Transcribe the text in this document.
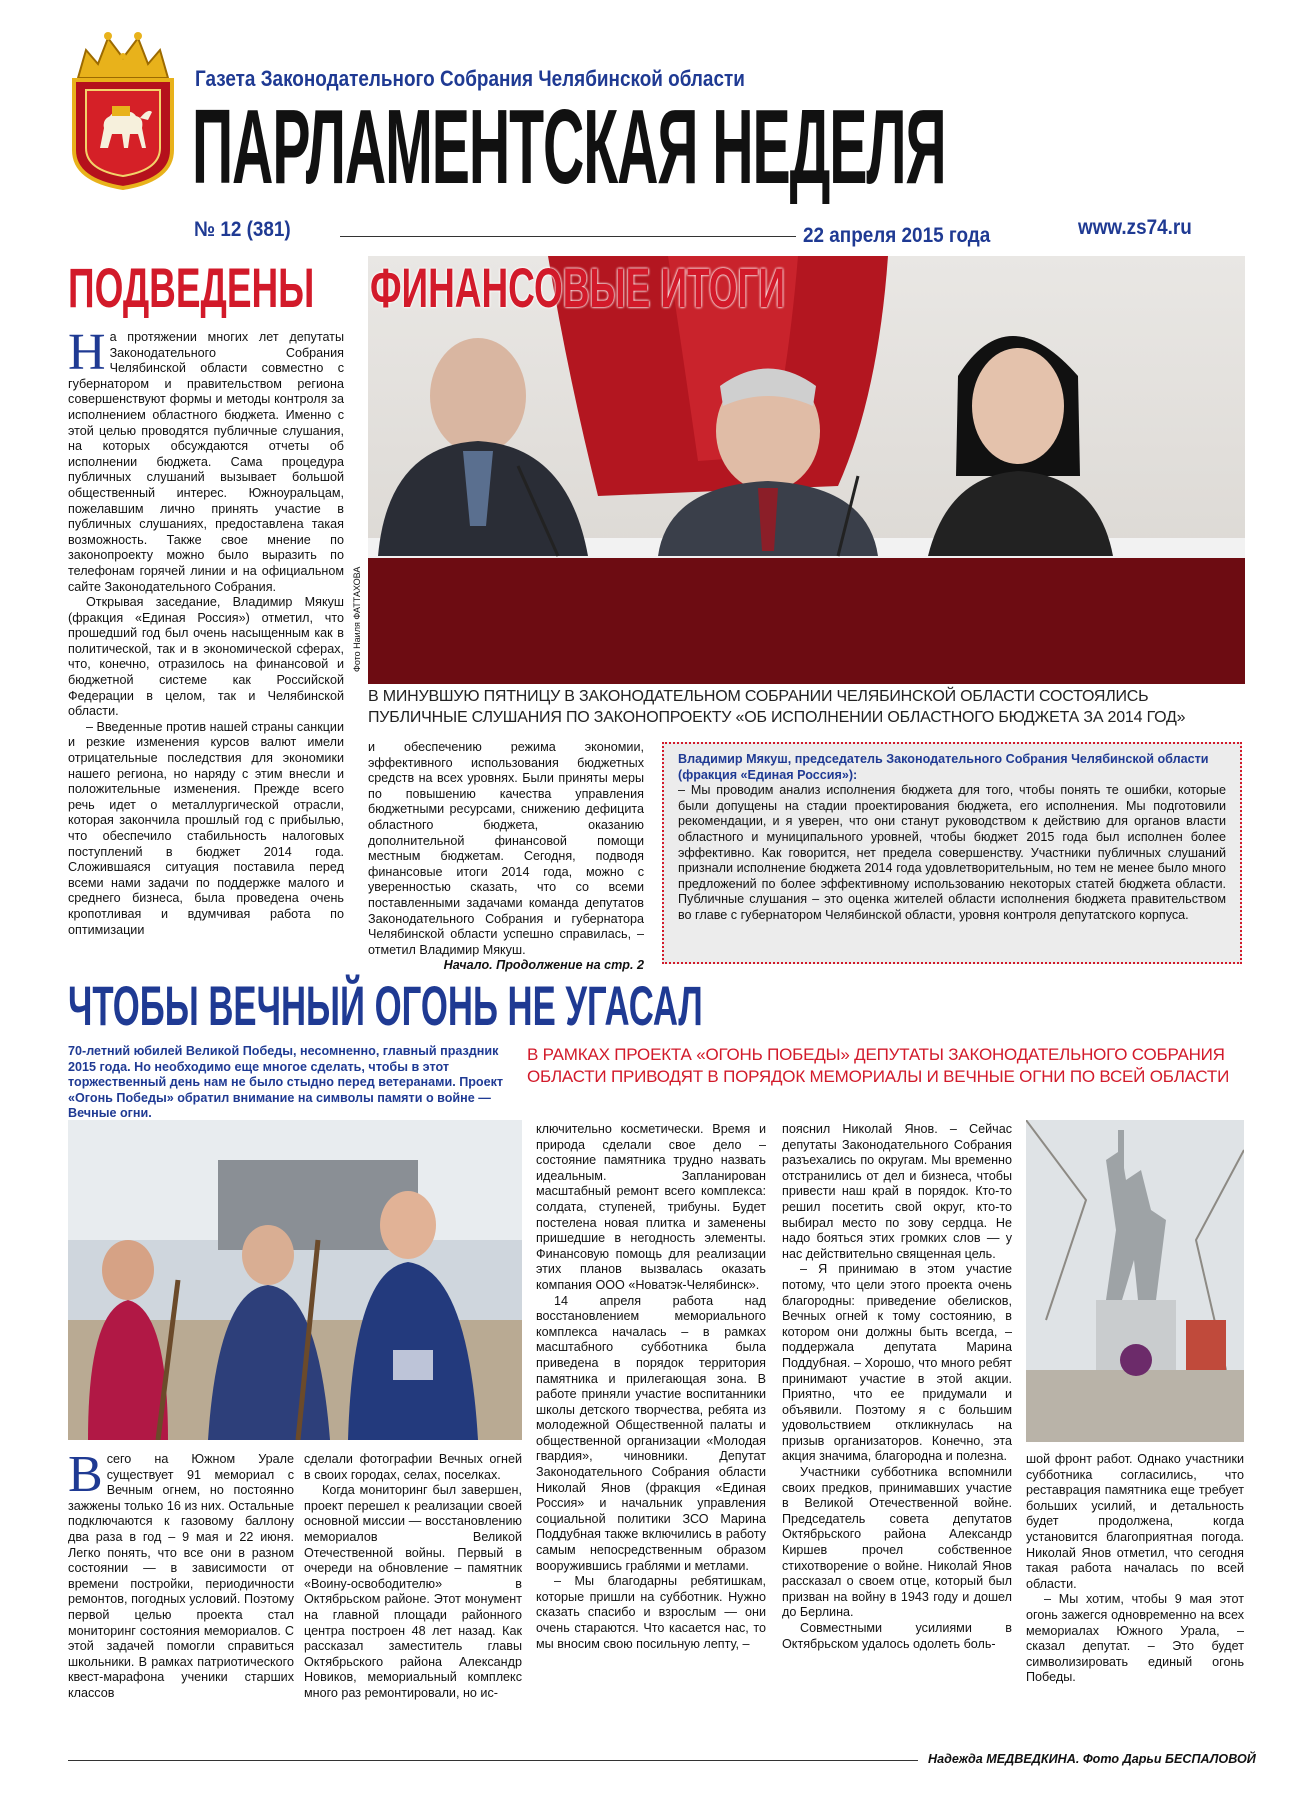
Газета Законодательного Собрания Челябинской области
ПАРЛАМЕНТСКАЯ НЕДЕЛЯ
№ 12 (381)	22 апреля 2015 года	www.zs74.ru
ПОДВЕДЕНЫ
Фото Наиля ФАТТАХОВА
ФИНАНСОВЫЕ ИТОГИ
В МИНУВШУЮ ПЯТНИЦУ В ЗАКОНОДАТЕЛЬНОМ СОБРАНИИ ЧЕЛЯБИНСКОЙ ОБЛАСТИ СОСТОЯЛИСЬ ПУБЛИЧНЫЕ СЛУШАНИЯ ПО ЗАКОНОПРОЕКТУ «ОБ ИСПОЛНЕНИИ ОБЛАСТНОГО БЮДЖЕТА ЗА 2014 ГОД»

На протяжении многих лет депутаты Законодательного Собрания Челябинской области совместно с губернатором и правительством региона совершенствуют формы и методы контроля за исполнением областного бюджета. Именно с этой целью проводятся публичные слушания, на которых обсуждаются отчеты об исполнении бюджета. Сама процедура публичных слушаний вызывает большой общественный интерес. Южноуральцам, пожелавшим лично принять участие в публичных слушаниях, предоставлена такая возможность. Также свое мнение по законопроекту можно было выразить по телефонам горячей линии и на официальном сайте Законодательного Собрания.

Открывая заседание, Владимир Мякуш (фракция «Единая Россия») отметил, что прошедший год был очень насыщенным как в политической, так и в экономической сферах, что, конечно, отразилось на финансовой и бюджетной системе как Российской Федерации в целом, так и Челябинской области.

– Введенные против нашей страны санкции и резкие изменения курсов валют имели отрицательные последствия для экономики нашего региона, но наряду с этим внесли и положительные изменения. Прежде всего речь идет о металлургической отрасли, которая закончила прошлый год с прибылью, что обеспечило стабильность налоговых поступлений в бюджет 2014 года. Сложившаяся ситуация поставила перед всеми нами задачи по поддержке малого и среднего бизнеса, была проведена очень кропотливая и вдумчивая работа по оптимизации

и обеспечению режима экономии, эффективного использования бюджетных средств на всех уровнях. Были приняты меры по повышению качества управления бюджетными ресурсами, снижению дефицита областного бюджета, оказанию дополнительной финансовой помощи местным бюджетам. Сегодня, подводя финансовые итоги 2014 года, можно с уверенностью сказать, что со всеми поставленными задачами команда депутатов Законодательного Собрания и губернатора Челябинской области успешно справилась, – отметил Владимир Мякуш.

Начало. Продолжение на стр. 2

Владимир Мякуш, председатель Законодательного Собрания Челябинской области (фракция «Единая Россия»):
– Мы проводим анализ исполнения бюджета для того, чтобы понять те ошибки, которые были допущены на стадии проектирования бюджета, его исполнения. Мы подготовили рекомендации, и я уверен, что они станут руководством к действию для органов власти областного и муниципального уровней, чтобы бюджет 2015 года был исполнен более эффективно. Как говорится, нет предела совершенству. Участники публичных слушаний признали исполнение бюджета 2014 года удовлетворительным, но тем не менее было много предложений по более эффективному использованию некоторых статей бюджета области. Публичные слушания – это оценка жителей области исполнения бюджета правительством во главе с губернатором Челябинской области, уровня контроля депутатского корпуса.
ЧТОБЫ ВЕЧНЫЙ ОГОНЬ НЕ УГАСАЛ
70-летний юбилей Великой Победы, несомненно, главный праздник 2015 года. Но необходимо еще многое сделать, чтобы в этот торжественный день нам не было стыдно перед ветеранами. Проект «Огонь Победы» обратил внимание на символы памяти о войне — Вечные огни.
В РАМКАХ ПРОЕКТА «ОГОНЬ ПОБЕДЫ» ДЕПУТАТЫ ЗАКОНОДАТЕЛЬНОГО СОБРАНИЯ ОБЛАСТИ ПРИВОДЯТ В ПОРЯДОК МЕМОРИАЛЫ И ВЕЧНЫЕ ОГНИ ПО ВСЕЙ ОБЛАСТИ

Всего на Южном Урале существует 91 мемориал с Вечным огнем, но постоянно зажжены только 16 из них. Остальные подключаются к газовому баллону два раза в год – 9 мая и 22 июня. Легко понять, что все они в разном состоянии — в зависимости от времени постройки, периодичности ремонтов, погодных условий. Поэтому первой целью проекта стал мониторинг состояния мемориалов. С этой задачей помогли справиться школьники. В рамках патриотического квест-марафона ученики старших классов

сделали фотографии Вечных огней в своих городах, селах, поселках.

Когда мониторинг был завершен, проект перешел к реализации своей основной миссии — восстановлению мемориалов Великой Отечественной войны. Первый в очереди на обновление – памятник «Воину-освободителю» в Октябрьском районе. Этот монумент на главной площади районного центра построен 48 лет назад. Как рассказал заместитель главы Октябрьского района Александр Новиков, мемориальный комплекс много раз ремонтировали, но ис-

ключительно косметически. Время и природа сделали свое дело – состояние памятника трудно назвать идеальным. Запланирован масштабный ремонт всего комплекса: солдата, ступеней, трибуны. Будет постелена новая плитка и заменены пришедшие в негодность элементы. Финансовую помощь для реализации этих планов вызвалась оказать компания ООО «Новатэк-Челябинск».

14 апреля работа над восстановлением мемориального комплекса началась – в рамках масштабного субботника была приведена в порядок территория памятника и прилегающая зона. В работе приняли участие воспитанники школы детского творчества, ребята из молодежной Общественной палаты и общественной организации «Молодая гвардия», чиновники. Депутат Законодательного Собрания области Николай Янов (фракция «Единая Россия» и начальник управления социальной политики ЗСО Марина Поддубная также включились в работу самым непосредственным образом вооружившись граблями и метлами.

– Мы благодарны ребятишкам, которые пришли на субботник. Нужно сказать спасибо и взрослым — они очень стараются. Что касается нас, то мы вносим свою посильную лепту, –

пояснил Николай Янов. – Сейчас депутаты Законодательного Собрания разъехались по округам. Мы временно отстранились от дел и бизнеса, чтобы привести наш край в порядок. Кто-то решил посетить свой округ, кто-то выбирал место по зову сердца. Не надо бояться этих громких слов — у нас действительно священная цель.

– Я принимаю в этом участие потому, что цели этого проекта очень благородны: приведение обелисков, Вечных огней к тому состоянию, в котором они должны быть всегда, – поддержала депутата Марина Поддубная. – Хорошо, что много ребят принимают участие в этой акции. Приятно, что ее придумали и объявили. Поэтому я с большим удовольствием откликнулась на призыв организаторов. Конечно, эта акция значима, благородна и полезна.

Участники субботника вспомнили своих предков, принимавших участие в Великой Отечественной войне. Председатель совета депутатов Октябрьского района Александр Киршев прочел собственное стихотворение о войне. Николай Янов рассказал о своем отце, который был призван на войну в 1943 году и дошел до Берлина.

Совместными усилиями в Октябрьском удалось одолеть боль-

шой фронт работ. Однако участники субботника согласились, что реставрация памятника еще требует больших усилий, и детальность будет продолжена, когда установится благоприятная погода. Николай Янов отметил, что сегодня такая работа началась по всей области.

– Мы хотим, чтобы 9 мая этот огонь зажегся одновременно на всех мемориалах Южного Урала, – сказал депутат. – Это будет символизировать единый огонь Победы.

Надежда МЕДВЕДКИНА. Фото Дарьи БЕСПАЛОВОЙ
